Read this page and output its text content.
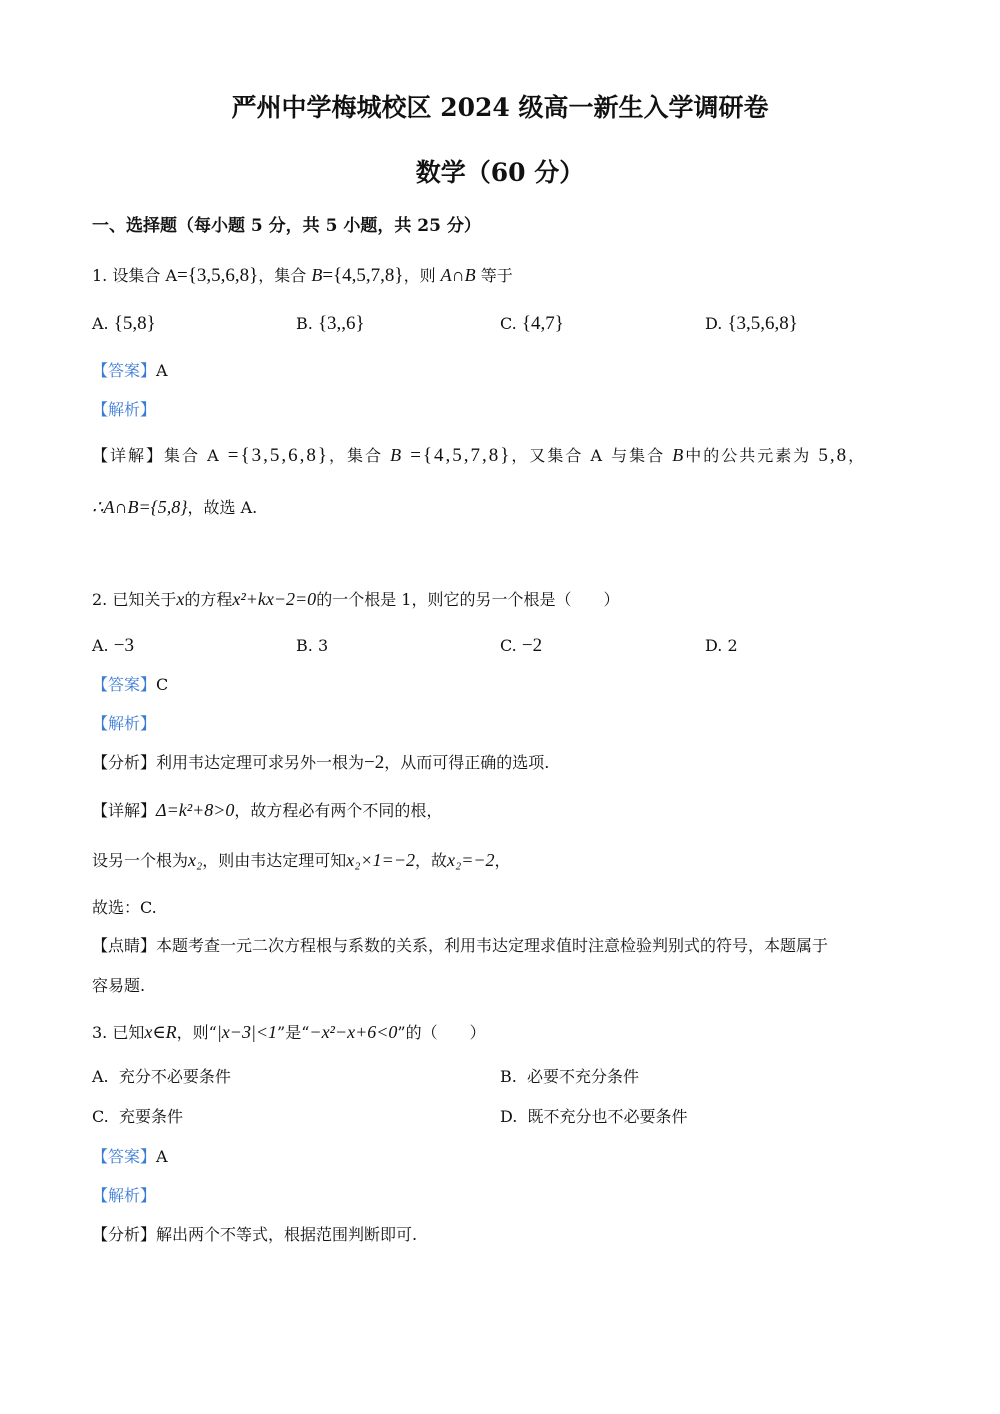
严州中学梅城校区 2024 级高一新生入学调研卷
数学（60 分）
一、选择题（每小题 5 分，共 5 小题，共 25 分）
1. 设集合 A={3,5,6,8}，集合 B={4,5,7,8}，则 A∩B 等于
A. {5,8}	B. {3,,6}	C. {4,7}	D. {3,5,6,8}
【答案】A
【解析】
【详解】集合 A ={3,5,6,8}，集合 B ={4,5,7,8}，又集合 A 与集合 B中的公共元素为 5,8，
∴A∩B={5,8}，故选 A.
2. 已知关于x的方程x²+kx−2=0的一个根是 1，则它的另一个根是（　　）
A. −3	B. 3	C. −2	D. 2
【答案】C
【解析】
【分析】利用韦达定理可求另外一根为−2，从而可得正确的选项.
【详解】Δ=k²+8>0，故方程必有两个不同的根，
设另一个根为x₂，则由韦达定理可知x₂×1=−2，故x₂=−2，
故选：C.
【点睛】本题考查一元二次方程根与系数的关系，利用韦达定理求值时注意检验判别式的符号，本题属于
容易题.
3. 已知x∈R，则“|x−3|<1”是“−x²−x+6<0”的（　　）
A. 充分不必要条件	B. 必要不充分条件
C. 充要条件	D. 既不充分也不必要条件
【答案】A
【解析】
【分析】解出两个不等式，根据范围判断即可.
